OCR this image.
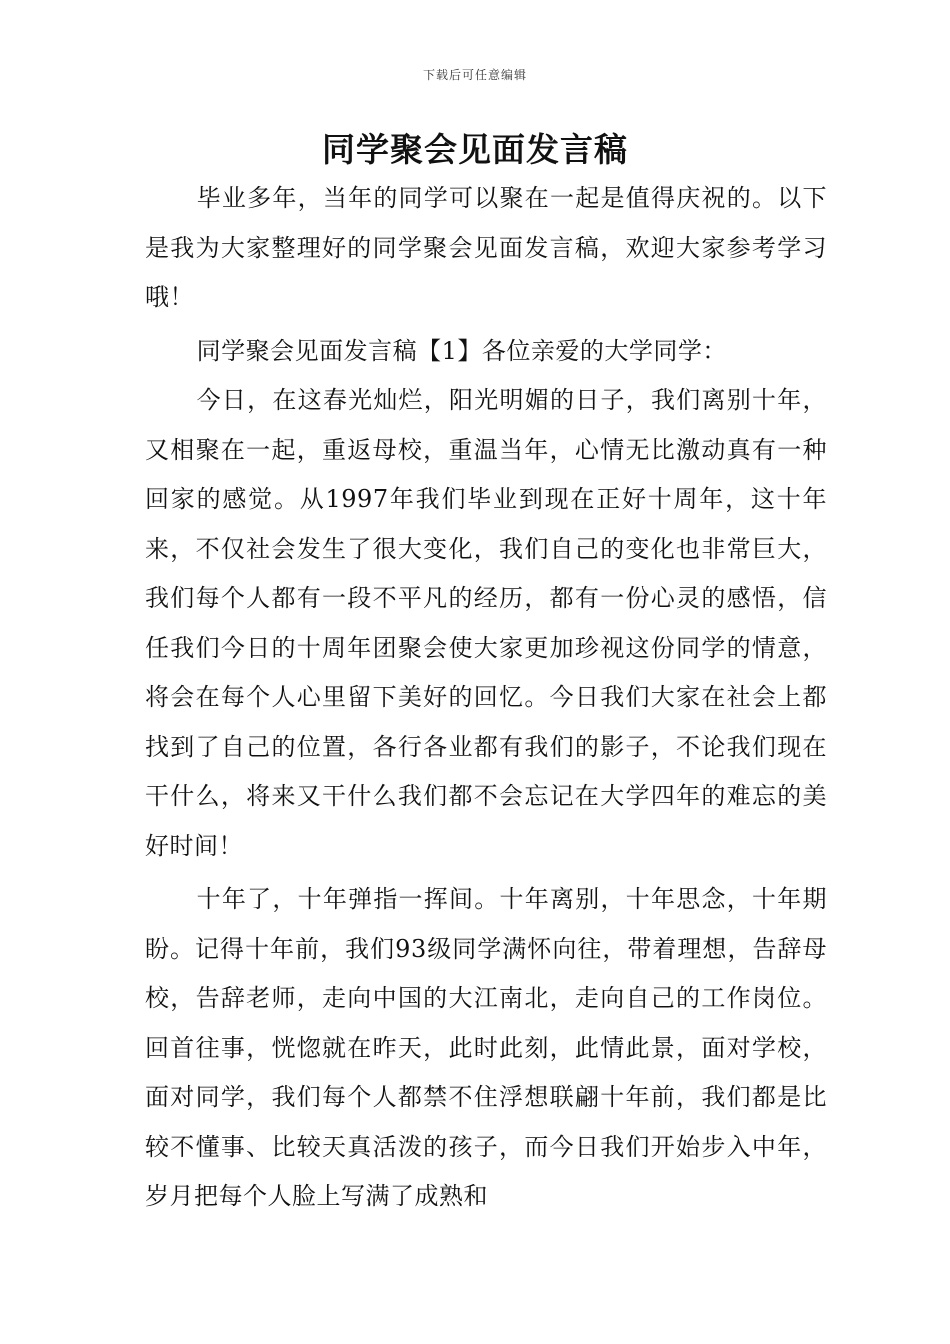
下载后可任意编辑
同学聚会见面发言稿

毕业多年，当年的同学可以聚在一起是值得庆祝的。以下是我为大家整理好的同学聚会见面发言稿，欢迎大家参考学习哦！

同学聚会见面发言稿【1】各位亲爱的大学同学：

今日，在这春光灿烂，阳光明媚的日子，我们离别十年，又相聚在一起，重返母校，重温当年，心情无比激动真有一种回家的感觉。从1997年我们毕业到现在正好十周年，这十年来，不仅社会发生了很大变化，我们自己的变化也非常巨大，我们每个人都有一段不平凡的经历，都有一份心灵的感悟，信任我们今日的十周年团聚会使大家更加珍视这份同学的情意，将会在每个人心里留下美好的回忆。今日我们大家在社会上都找到了自己的位置，各行各业都有我们的影子，不论我们现在干什么，将来又干什么我们都不会忘记在大学四年的难忘的美好时间！

十年了，十年弹指一挥间。十年离别，十年思念，十年期盼。记得十年前，我们93级同学满怀向往，带着理想，告辞母校，告辞老师，走向中国的大江南北，走向自己的工作岗位。回首往事，恍惚就在昨天，此时此刻，此情此景，面对学校，面对同学，我们每个人都禁不住浮想联翩十年前，我们都是比较不懂事、比较天真活泼的孩子，而今日我们开始步入中年，岁月把每个人脸上写满了成熟和
